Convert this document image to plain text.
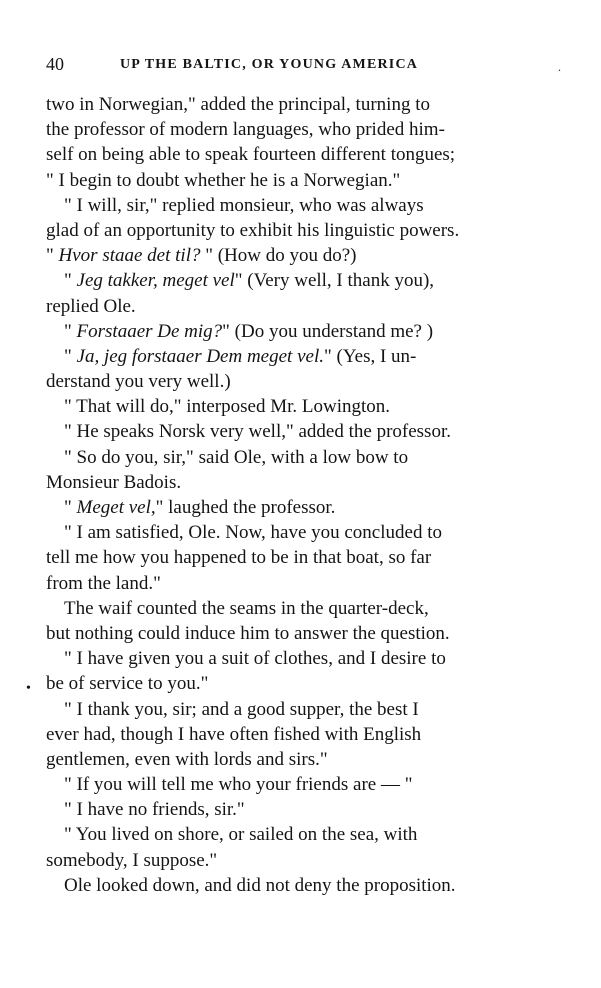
40	UP THE BALTIC, OR YOUNG AMERICA	.
•
two in Norwegian," added the principal, turning to
the professor of modern languages, who prided him-
self on being able to speak fourteen different tongues;
" I begin to doubt whether he is a Norwegian."
" I will, sir," replied monsieur, who was always
glad of an opportunity to exhibit his linguistic powers.
" Hvor staae det til? " (How do you do?)
" Jeg takker, meget vel" (Very well, I thank you),
replied Ole.
" Forstaaer De mig?" (Do you understand me? )
" Ja, jeg forstaaer Dem meget vel." (Yes, I un-
derstand you very well.)
" That will do," interposed Mr. Lowington.
" He speaks Norsk very well," added the professor.
" So do you, sir," said Ole, with a low bow to
Monsieur Badois.
" Meget vel," laughed the professor.
" I am satisfied, Ole. Now, have you concluded to
tell me how you happened to be in that boat, so far
from the land."
The waif counted the seams in the quarter-deck,
but nothing could induce him to answer the question.
" I have given you a suit of clothes, and I desire to
be of service to you."
" I thank you, sir; and a good supper, the best I
ever had, though I have often fished with English
gentlemen, even with lords and sirs."
" If you will tell me who your friends are — "
" I have no friends, sir."
" You lived on shore, or sailed on the sea, with
somebody, I suppose."
Ole looked down, and did not deny the proposition.
